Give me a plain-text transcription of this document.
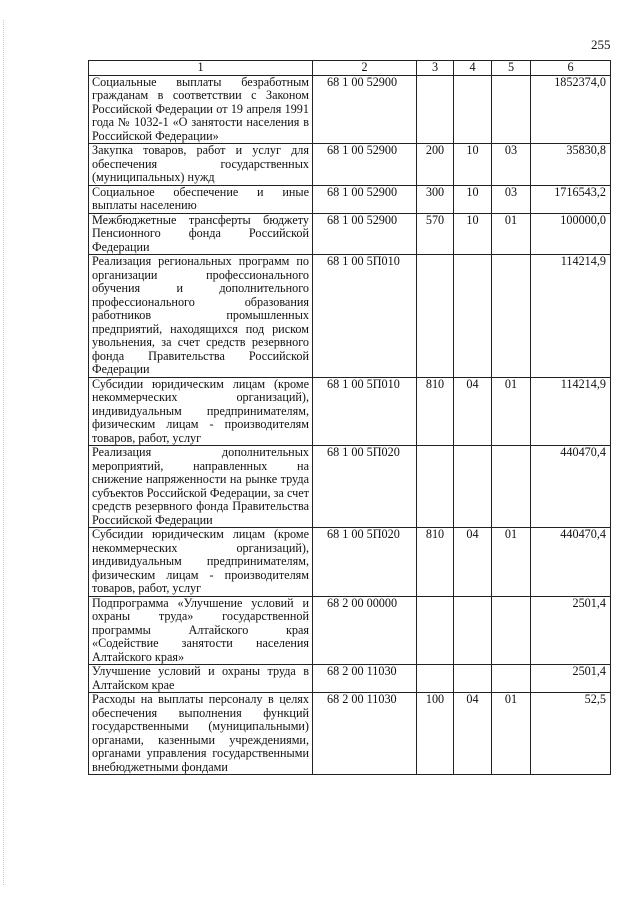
255
1	2	3	4	5	6
Социальные выплаты безработным гражданам в соответствии с Законом Российской Федерации от 19 апреля 1991 года № 1032-1 «О занятости населения в Российской Федерации»	68 1 00 52900				1852374,0
Закупка товаров, работ и услуг для обеспечения государственных (муниципальных) нужд	68 1 00 52900	200	10	03	35830,8
Социальное обеспечение и иные выплаты населению	68 1 00 52900	300	10	03	1716543,2
Межбюджетные трансферты бюджету Пенсионного фонда Российской Федерации	68 1 00 52900	570	10	01	100000,0
Реализация региональных программ по организации профессионального обучения и дополнительного профессионального образования работников промышленных предприятий, находящихся под риском увольнения, за счет средств резервного фонда Правительства Российской Федерации	68 1 00 5П010				114214,9
Субсидии юридическим лицам (кроме некоммерческих организаций), индивидуальным предпринимателям, физическим лицам - производителям товаров, работ, услуг	68 1 00 5П010	810	04	01	114214,9
Реализация дополнительных мероприятий, направленных на снижение напряженности на рынке труда субъектов Российской Федерации, за счет средств резервного фонда Правительства Российской Федерации	68 1 00 5П020				440470,4
Субсидии юридическим лицам (кроме некоммерческих организаций), индивидуальным предпринимателям, физическим лицам - производителям товаров, работ, услуг	68 1 00 5П020	810	04	01	440470,4
Подпрограмма «Улучшение условий и охраны труда» государственной программы Алтайского края «Содействие занятости населения Алтайского края»	68 2 00 00000				2501,4
Улучшение условий и охраны труда в Алтайском крае	68 2 00 11030				2501,4
Расходы на выплаты персоналу в целях обеспечения выполнения функций государственными (муниципальными) органами, казенными учреждениями, органами управления государственными внебюджетными фондами	68 2 00 11030	100	04	01	52,5
